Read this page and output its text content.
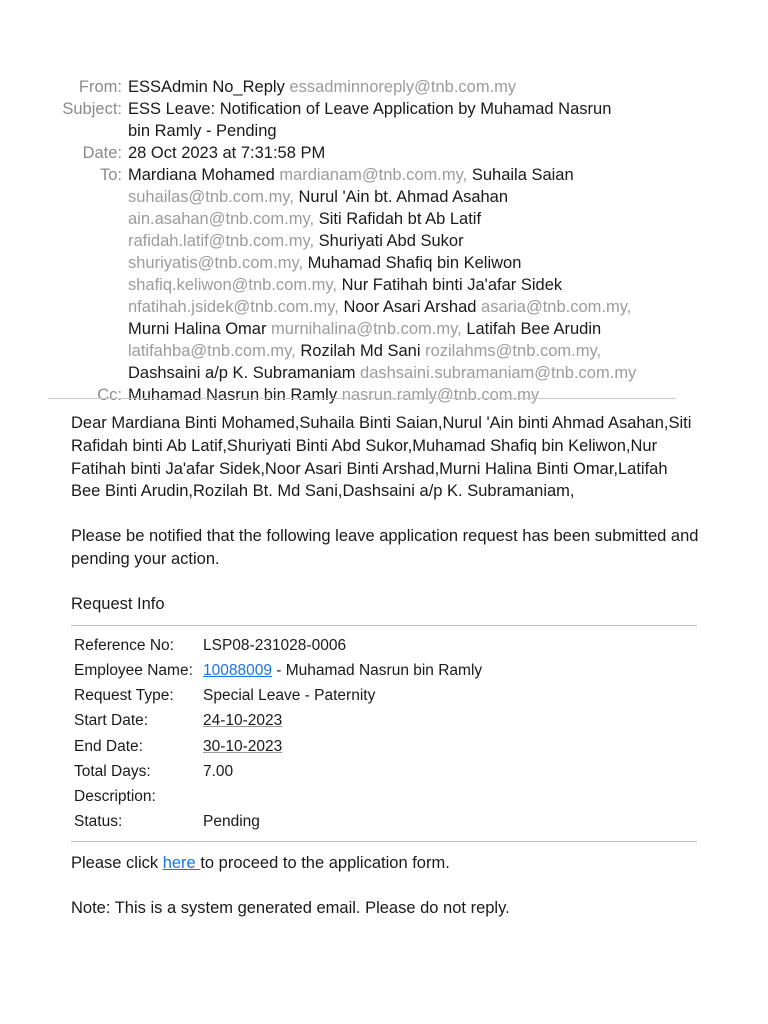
From: ESSAdmin No_Reply essadminnoreply@tnb.com.my
Subject: ESS Leave: Notification of Leave Application by Muhamad Nasrun
bin Ramly - Pending
Date: 28 Oct 2023 at 7:31:58 PM
To: Mardiana Mohamed mardianam@tnb.com.my, Suhaila Saian
suhailas@tnb.com.my, Nurul 'Ain bt. Ahmad Asahan
ain.asahan@tnb.com.my, Siti Rafidah bt Ab Latif
rafidah.latif@tnb.com.my, Shuriyati Abd Sukor
shuriyatis@tnb.com.my, Muhamad Shafiq bin Keliwon
shafiq.keliwon@tnb.com.my, Nur Fatihah binti Ja'afar Sidek
nfatihah.jsidek@tnb.com.my, Noor Asari Arshad asaria@tnb.com.my,
Murni Halina Omar murnihalina@tnb.com.my, Latifah Bee Arudin
latifahba@tnb.com.my, Rozilah Md Sani rozilahms@tnb.com.my,
Dashsaini a/p K. Subramaniam dashsaini.subramaniam@tnb.com.my

Cc: Muhamad Nasrun bin Ramly nasrun.ramly@tnb.com.my

Dear Mardiana Binti Mohamed,Suhaila Binti Saian,Nurul 'Ain binti Ahmad Asahan,Siti Rafidah binti Ab Latif,Shuriyati Binti Abd Sukor,Muhamad Shafiq bin Keliwon,Nur Fatihah binti Ja'afar Sidek,Noor Asari Binti Arshad,Murni Halina Binti Omar,Latifah Bee Binti Arudin,Rozilah Bt. Md Sani,Dashsaini a/p K. Subramaniam,

Please be notified that the following leave application request has been submitted and pending your action.

Request Info

Reference No:	LSP08-231028-0006
Employee Name:	10088009 - Muhamad Nasrun bin Ramly
Request Type:	Special Leave - Paternity
Start Date:	24-10-2023
End Date:	30-10-2023
Total Days:	7.00
Description:	
Status:	Pending

Please click here to proceed to the application form.

Note: This is a system generated email. Please do not reply.
